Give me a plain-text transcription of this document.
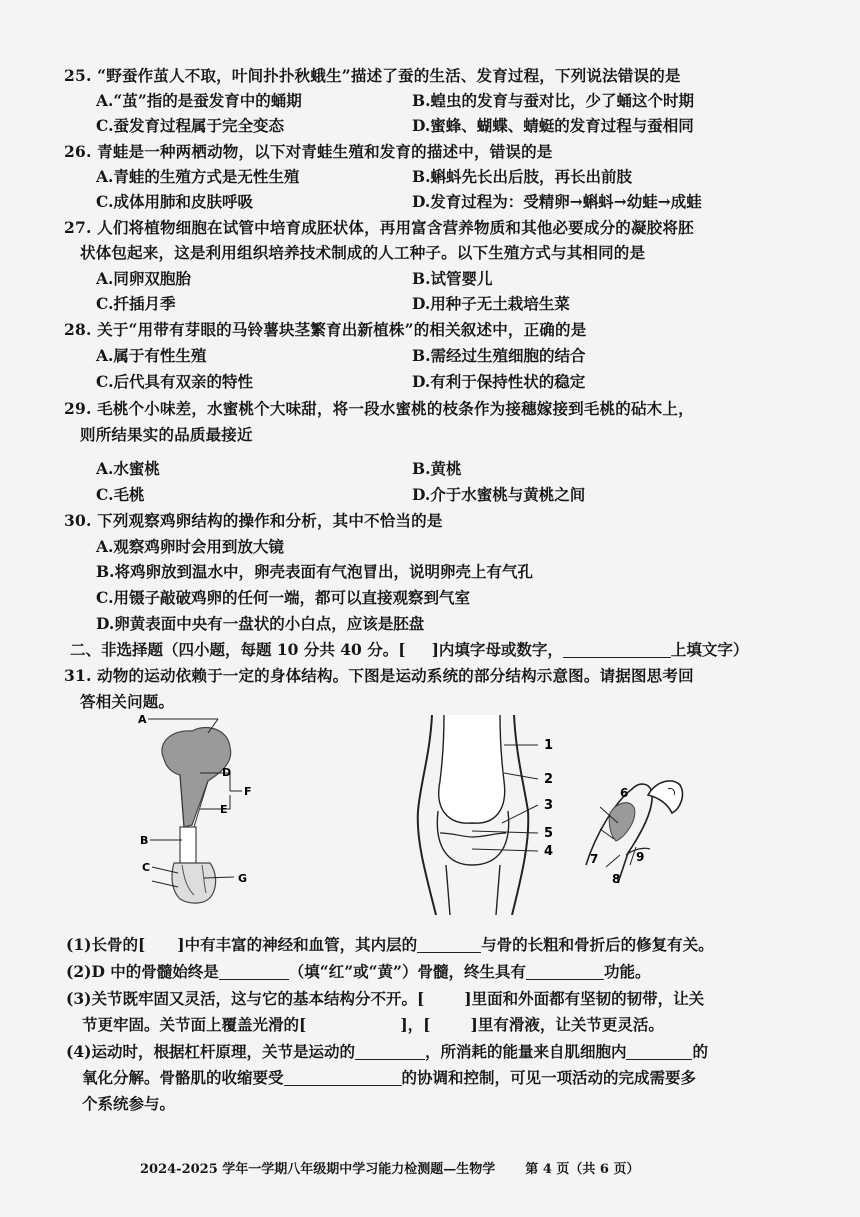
25. “野蚕作茧人不取，叶间扑扑秋蛾生”描述了蚕的生活、发育过程，下列说法错误的是
A.“茧”指的是蚕发育中的蛹期	B.蝗虫的发育与蚕对比，少了蛹这个时期
C.蚕发育过程属于完全变态	D.蜜蜂、蝴蝶、蜻蜓的发育过程与蚕相同
26. 青蛙是一种两栖动物，以下对青蛙生殖和发育的描述中，错误的是
A.青蛙的生殖方式是无性生殖	B.蝌蚪先长出后肢，再长出前肢
C.成体用肺和皮肤呼吸	D.发育过程为：受精卵→蝌蚪→幼蛙→成蛙
27. 人们将植物细胞在试管中培育成胚状体，再用富含营养物质和其他必要成分的凝胶将胚
状体包起来，这是利用组织培养技术制成的人工种子。以下生殖方式与其相同的是
A.同卵双胞胎	B.试管婴儿
C.扦插月季	D.用种子无土栽培生菜
28. 关于“用带有芽眼的马铃薯块茎繁育出新植株”的相关叙述中，正确的是
A.属于有性生殖	B.需经过生殖细胞的结合
C.后代具有双亲的特性	D.有利于保持性状的稳定
29. 毛桃个小味差，水蜜桃个大味甜，将一段水蜜桃的枝条作为接穗嫁接到毛桃的砧木上，
则所结果实的品质最接近
A.水蜜桃	B.黄桃
C.毛桃	D.介于水蜜桃与黄桃之间
30. 下列观察鸡卵结构的操作和分析，其中不恰当的是
A.观察鸡卵时会用到放大镜
B.将鸡卵放到温水中，卵壳表面有气泡冒出，说明卵壳上有气孔
C.用镊子敲破鸡卵的任何一端，都可以直接观察到气室
D.卵黄表面中央有一盘状的小白点，应该是胚盘
二、非选择题（四小题，每题 10 分共 40 分。[ ]内填字母或数字，	上填文字）
31. 动物的运动依赖于一定的身体结构。下图是运动系统的部分结构示意图。请据图思考回
答相关问题。
A
B
C
D
E
F
G
1
2
3
4
5
6
7
8
9
(1)长骨的[ ]中有丰富的神经和血管，其内层的	与骨的长粗和骨折后的修复有关。
(2)D 中的骨髓始终是	（填“红”或“黄”）骨髓，终生具有	功能。
(3)关节既牢固又灵活，这与它的基本结构分不开。[	]里面和外面都有坚韧的韧带，让关
节更牢固。关节面上覆盖光滑的[	]，[	]里有滑液，让关节更灵活。
(4)运动时，根据杠杆原理，关节是运动的	，所消耗的能量来自肌细胞内	的
氧化分解。骨骼肌的收缩要受	的协调和控制，可见一项活动的完成需要多
个系统参与。
2024-2025 学年一学期八年级期中学习能力检测题—生物学 第 4 页（共 6 页）
